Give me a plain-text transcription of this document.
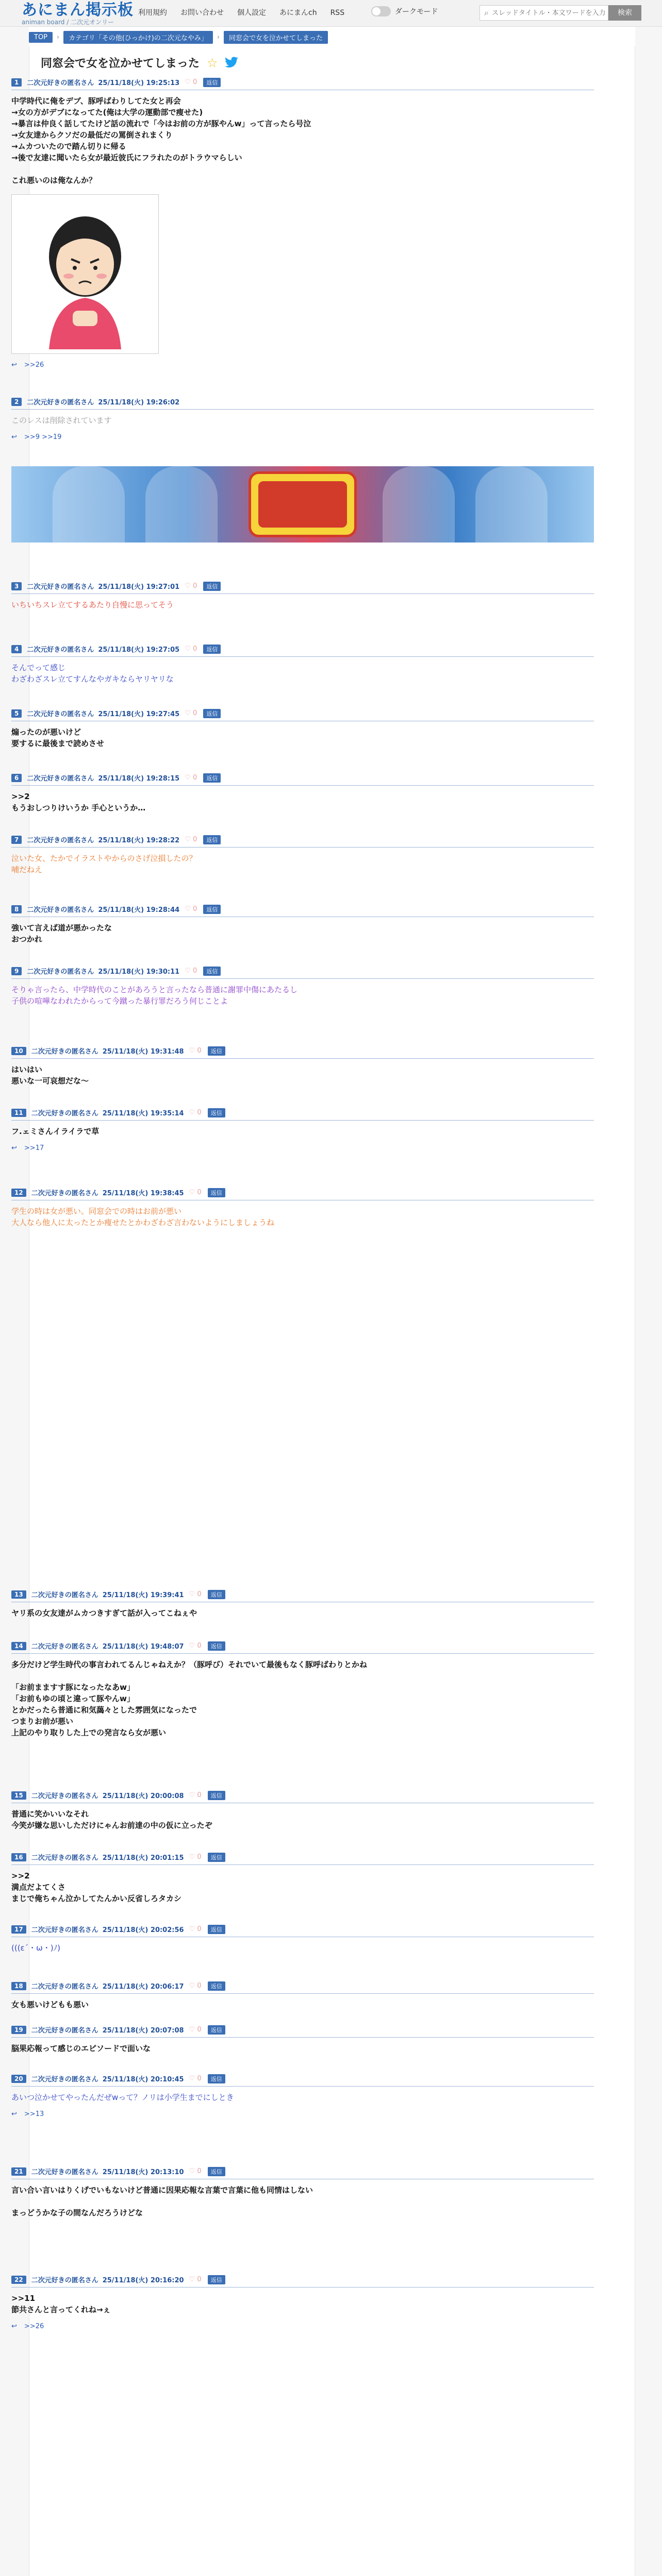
あにまん掲示板
animan board / 二次元オンリー
利用規約 お問い合わせ 個人設定 あにまんch RSS	ダークモード	⌕
スレッドタイトル・本文ワードを入力	検索
TOP	›	カテゴリ「その他(ひっかけ)の二次元なやみ」	›	同窓会で女を泣かせてしまった
同窓会で女を泣かせてしまった ☆
1	二次元好きの匿名さん 25/11/18(火) 19:25:13 ♡ 0	返信
中学時代に俺をデブ、豚呼ばわりしてた女と再会
→女の方がデブになってた(俺は大学の運動部で痩せた)
→暴言は仲良く話してたけど話の流れで「今はお前の方が豚やんw」って言ったら号泣
→女友達からクソだの最低だの罵倒されまくり
→ムカついたので踏ん切りに帰る
→後で友達に聞いたら女が最近彼氏にフラれたのがトラウマらしい

これ悪いのは俺なんか？
↩ >>26
2	二次元好きの匿名さん 25/11/18(火) 19:26:02
このレスは削除されています
↩ >>9 >>19
3	二次元好きの匿名さん 25/11/18(火) 19:27:01 ♡ 0	返信
いちいちスレ立てするあたり自慢に思ってそう
4	二次元好きの匿名さん 25/11/18(火) 19:27:05 ♡ 0	返信
そんでって感じ
わざわざスレ立てすんなやガキならヤリヤリな
5	二次元好きの匿名さん 25/11/18(火) 19:27:45 ♡ 0	返信
煽ったのが悪いけど
要するに最後まで読めさせ
6	二次元好きの匿名さん 25/11/18(火) 19:28:15 ♡ 0	返信
>>2
もうおしつりけいうか 手心というか…
7	二次元好きの匿名さん 25/11/18(火) 19:28:22 ♡ 0	返信
泣いた女、たかでイラストやからのさげ泣損したの？
哺だねえ
8	二次元好きの匿名さん 25/11/18(火) 19:28:44 ♡ 0	返信
強いて言えば道が悪かったな
おつかれ
9	二次元好きの匿名さん 25/11/18(火) 19:30:11 ♡ 0	返信
そりゃ言ったら、中学時代のことがあろうと言ったなら普通に謝罪中傷にあたるし
子供の喧嘩なわれたからって今蹴った暴行罪だろう何じことよ
10	二次元好きの匿名さん 25/11/18(火) 19:31:48 ♡ 0	返信
はいはい
悪いな一可哀想だな〜
11	二次元好きの匿名さん 25/11/18(火) 19:35:14 ♡ 0	返信
フ.ェミさんイライラで草
↩ >>17
12	二次元好きの匿名さん 25/11/18(火) 19:38:45 ♡ 0	返信
学生の時は女が悪い。同窓会での時はお前が悪い
大人なら他人に太ったとか痩せたとかわざわざ言わないようにしましょうね
13	二次元好きの匿名さん 25/11/18(火) 19:39:41 ♡ 0	返信
ヤリ系の女友達がムカつきすぎて話が入ってこねぇや
14	二次元好きの匿名さん 25/11/18(火) 19:48:07 ♡ 0	返信
多分だけど学生時代の事言われてるんじゃねえか？（豚呼び）それでいて最後もなく豚呼ばわりとかね

「お前まますす豚になったなあw」
「お前もゆの頃と違って豚やんw」
とかだったら普通に和気藹々とした雰囲気になったで
つまりお前が悪い
上記のやり取りした上での発言なら女が悪い
15	二次元好きの匿名さん 25/11/18(火) 20:00:08 ♡ 0	返信
普通に笑かいいなそれ
今笑が嫌な思いしただけにゃんお前達の中の仮に立ったぞ
16	二次元好きの匿名さん 25/11/18(火) 20:01:15 ♡ 0	返信
>>2
満点だよてくさ
まじで俺ちゃん泣かしてたんかい反省しろタカシ
17	二次元好きの匿名さん 25/11/18(火) 20:02:56 ♡ 0	返信
(((ε´・ω・)ﾉ)
18	二次元好きの匿名さん 25/11/18(火) 20:06:17 ♡ 0	返信
女も悪いけどもも悪い
19	二次元好きの匿名さん 25/11/18(火) 20:07:08 ♡ 0	返信
脳果応報って感じのエピソードで面いな
20	二次元好きの匿名さん 25/11/18(火) 20:10:45 ♡ 0	返信
あいつ泣かせてやったんだぜwって？ノリは小学生までにしとき
↩ >>13
21	二次元好きの匿名さん 25/11/18(火) 20:13:10 ♡ 0	返信
言い合い言いはりくげでいもないけど普通に因果応報な言葉で言葉に他も同情はしない

まっどうかな子の間なんだろうけどな
22	二次元好きの匿名さん 25/11/18(火) 20:16:20 ♡ 0	返信
>>11
節共さんと言ってくれね→ぇ
↩ >>26
